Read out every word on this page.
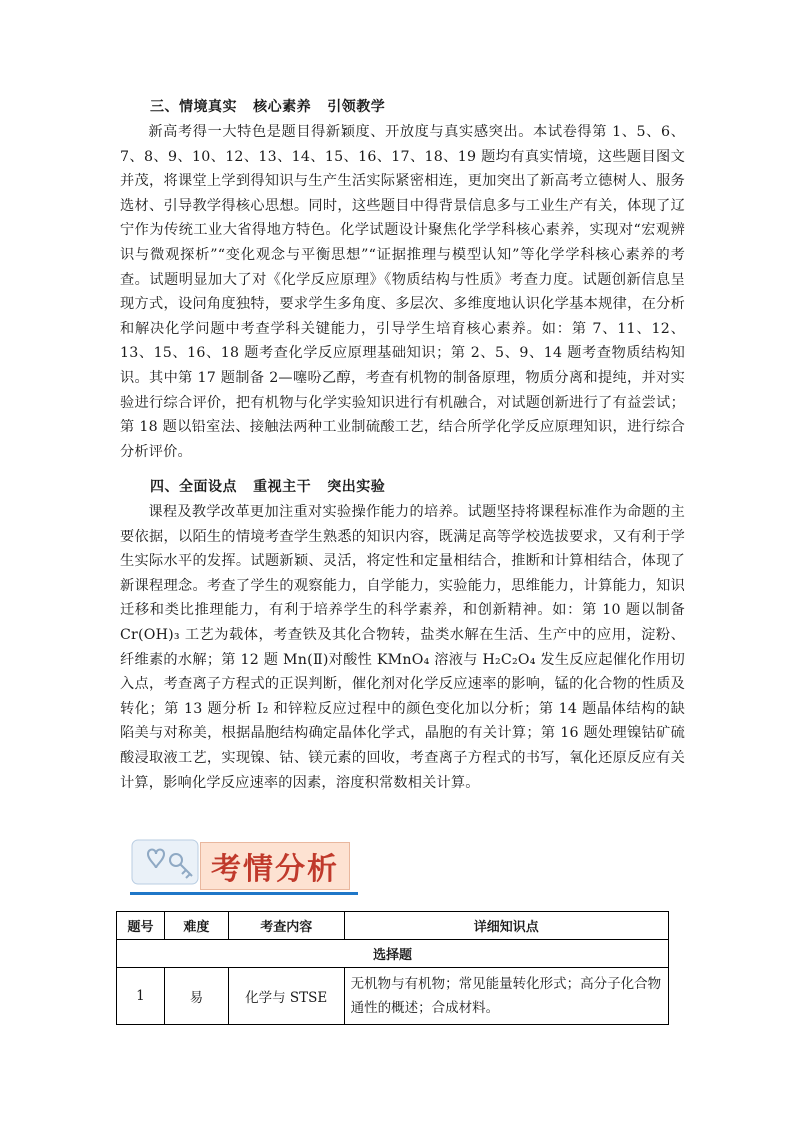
三、情境真实   核心素养   引领教学

新高考得一大特色是题目得新颖度、开放度与真实感突出。本试卷得第 1、5、6、7、8、9、10、12、13、14、15、16、17、18、19 题均有真实情境，这些题目图文并茂，将课堂上学到得知识与生产生活实际紧密相连，更加突出了新高考立德树人、服务选材、引导教学得核心思想。同时，这些题目中得背景信息多与工业生产有关，体现了辽宁作为传统工业大省得地方特色。化学试题设计聚焦化学学科核心素养，实现对“宏观辨识与微观探析”“变化观念与平衡思想”“证据推理与模型认知”等化学学科核心素养的考查。试题明显加大了对《化学反应原理》《物质结构与性质》考查力度。试题创新信息呈现方式，设问角度独特，要求学生多角度、多层次、多维度地认识化学基本规律，在分析和解决化学问题中考查学科关键能力，引导学生培育核心素养。如：第 7、11、12、13、15、16、18 题考查化学反应原理基础知识；第 2、5、9、14 题考查物质结构知识。其中第 17 题制备 2—噻吩乙醇，考查有机物的制备原理，物质分离和提纯，并对实验进行综合评价，把有机物与化学实验知识进行有机融合，对试题创新进行了有益尝试；第 18 题以铅室法、接触法两种工业制硫酸工艺，结合所学化学反应原理知识，进行综合分析评价。

四、全面设点   重视主干   突出实验

课程及教学改革更加注重对实验操作能力的培养。试题坚持将课程标准作为命题的主要依据，以陌生的情境考查学生熟悉的知识内容，既满足高等学校选拔要求，又有利于学生实际水平的发挥。试题新颖、灵活，将定性和定量相结合，推断和计算相结合，体现了新课程理念。考查了学生的观察能力，自学能力，实验能力，思维能力，计算能力，知识迁移和类比推理能力，有利于培养学生的科学素养，和创新精神。如：第 10 题以制备 Cr(OH)₃ 工艺为载体，考查铁及其化合物转，盐类水解在生活、生产中的应用，淀粉、纤维素的水解；第 12 题 Mn(Ⅱ)对酸性 KMnO₄ 溶液与 H₂C₂O₄ 发生反应起催化作用切入点，考查离子方程式的正误判断，催化剂对化学反应速率的影响，锰的化合物的性质及转化；第 13 题分析 I₂ 和锌粒反应过程中的颜色变化加以分析；第 14 题晶体结构的缺陷美与对称美，根据晶胞结构确定晶体化学式，晶胞的有关计算；第 16 题处理镍钴矿硫酸浸取液工艺，实现镍、钴、镁元素的回收，考查离子方程式的书写，氧化还原反应有关计算，影响化学反应速率的因素，溶度积常数相关计算。

考情分析
题号	难度	考查内容	详细知识点
选择题			
1	易	化学与 STSE	无机物与有机物；常见能量转化形式；高分子化合物通性的概述；合成材料。
